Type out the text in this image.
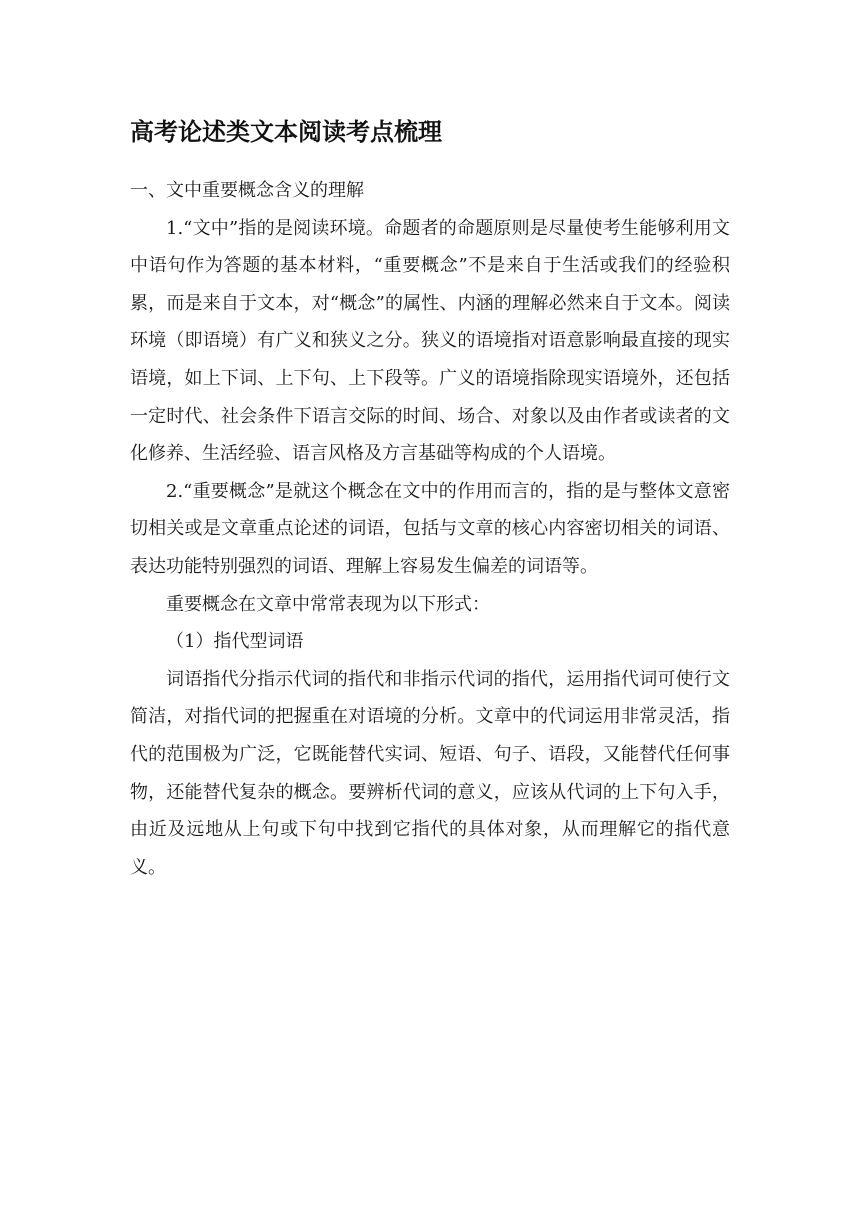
高考论述类文本阅读考点梳理

一、文中重要概念含义的理解

1.“文中”指的是阅读环境。命题者的命题原则是尽量使考生能够利用文中语句作为答题的基本材料，“重要概念”不是来自于生活或我们的经验积累，而是来自于文本，对“概念”的属性、内涵的理解必然来自于文本。阅读环境（即语境）有广义和狭义之分。狭义的语境指对语意影响最直接的现实语境，如上下词、上下句、上下段等。广义的语境指除现实语境外，还包括一定时代、社会条件下语言交际的时间、场合、对象以及由作者或读者的文化修养、生活经验、语言风格及方言基础等构成的个人语境。

2.“重要概念”是就这个概念在文中的作用而言的，指的是与整体文意密切相关或是文章重点论述的词语，包括与文章的核心内容密切相关的词语、表达功能特别强烈的词语、理解上容易发生偏差的词语等。

重要概念在文章中常常表现为以下形式：

（1）指代型词语

词语指代分指示代词的指代和非指示代词的指代，运用指代词可使行文简洁，对指代词的把握重在对语境的分析。文章中的代词运用非常灵活，指代的范围极为广泛，它既能替代实词、短语、句子、语段，又能替代任何事物，还能替代复杂的概念。要辨析代词的意义，应该从代词的上下句入手，由近及远地从上句或下句中找到它指代的具体对象，从而理解它的指代意义。
